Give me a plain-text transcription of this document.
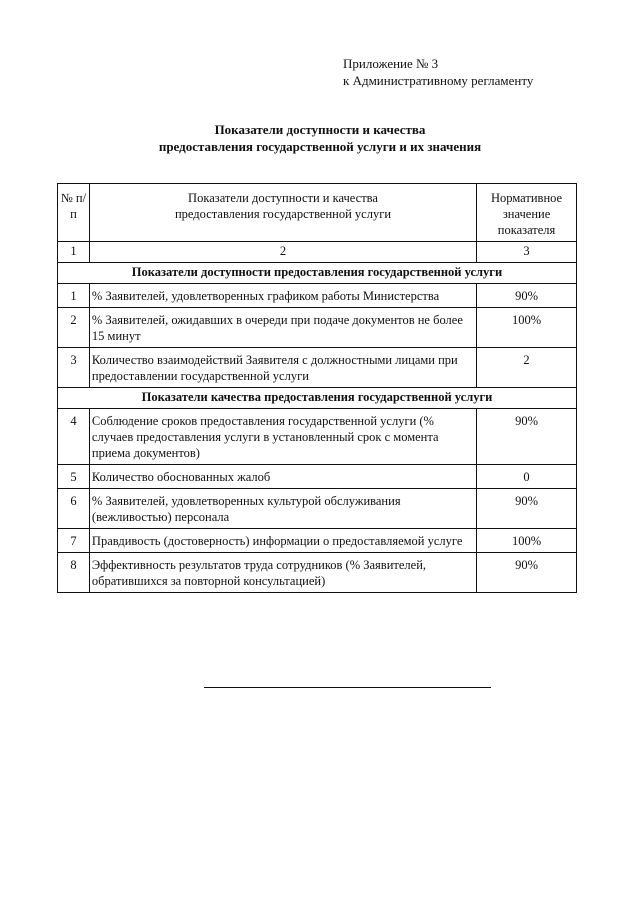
Приложение № 3
к Административному регламенту
Показатели доступности и качества
предоставления государственной услуги и их значения
№ п/п	Показатели доступности и качества предоставления государственной услуги	Нормативное значение показателя
1	2	3
Показатели доступности предоставления государственной услуги		
1	% Заявителей, удовлетворенных графиком работы Министерства	90%
2	% Заявителей, ожидавших в очереди при подаче документов не более 15 минут	100%
3	Количество взаимодействий Заявителя с должностными лицами при предоставлении государственной услуги	2
Показатели качества предоставления государственной услуги		
4	Соблюдение сроков предоставления государственной услуги (% случаев предоставления услуги в установленный срок с момента приема документов)	90%
5	Количество обоснованных жалоб	0
6	% Заявителей, удовлетворенных культурой обслуживания (вежливостью) персонала	90%
7	Правдивость (достоверность) информации о предоставляемой услуге	100%
8	Эффективность результатов труда сотрудников (% Заявителей, обратившихся за повторной консультацией)	90%
